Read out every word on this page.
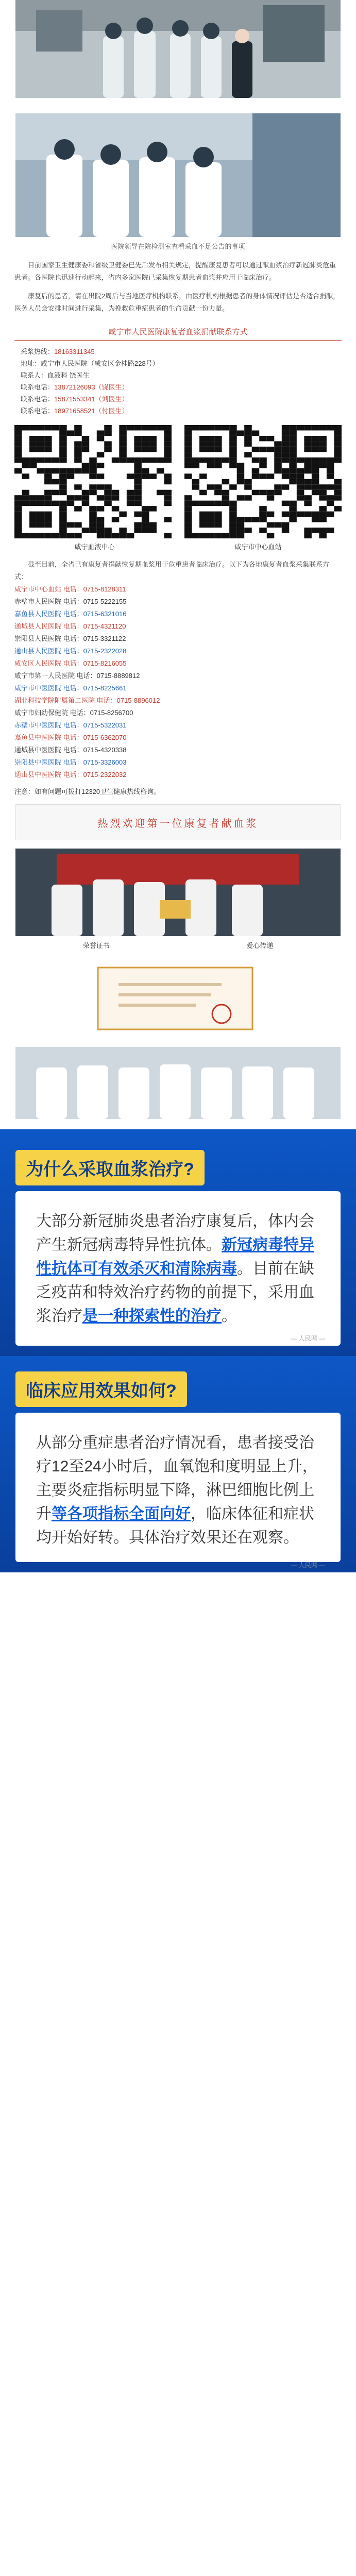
医院领导在院检测室查看采血不足公告的事项

目前国家卫生健康委和省级卫健委已先后发布相关规定，提醒康复患者可以通过献血浆治疗新冠肺炎危重患者。各医院也迅速行动起来，省内多家医院已采集恢复期患者血浆并应用于临床治疗。

康复后的患者，请在出院2周后与当地医疗机构联系，由医疗机构根据患者的身体情况评估是否适合捐献，医务人员会安排时间进行采集，为挽救危重症患者的生命贡献一份力量。

咸宁市人民医院康复者血浆捐献联系方式
采浆热线：18163311345
地址：咸宁市人民医院（咸安区金桂路228号）
联系人：血液科 饶医生
联系电话：13872126093（饶医生）
联系电话：15871553341（刘医生）
联系电话：18971658521（付医生）
咸宁血液中心	咸宁市中心血站

截至目前，全省已有康复者捐献恢复期血浆用于危重患者临床治疗。以下为各地康复者血浆采集联系方式：

咸宁市中心血站 电话：0715-8128311
赤壁市人民医院 电话：0715-5222155
嘉鱼县人民医院 电话：0715-6321016
通城县人民医院 电话：0715-4321120
崇阳县人民医院 电话：0715-3321122
通山县人民医院 电话：0715-2322028
咸安区人民医院 电话：0715-8216055
咸宁市第一人民医院 电话：0715-8889812
咸宁市中医医院 电话：0715-8225661
湖北科技学院附属第二医院 电话：0715-8896012
咸宁市妇幼保健院 电话：0715-8256700
赤壁市中医医院 电话：0715-5322031
嘉鱼县中医医院 电话：0715-6362070
通城县中医医院 电话：0715-4320338
崇阳县中医医院 电话：0715-3326003
通山县中医医院 电话：0715-2322032
注意：如有问题可拨打12320卫生健康热线咨询。
热烈欢迎第一位康复者献血浆
荣誉证书	爱心传递
为什么采取血浆治疗?
大部分新冠肺炎患者治疗康复后，体内会产生新冠病毒特异性抗体。新冠病毒特异性抗体可有效杀灭和清除病毒。目前在缺乏疫苗和特效治疗药物的前提下，采用血浆治疗是一种探索性的治疗。
— 人民网 —
临床应用效果如何?
从部分重症患者治疗情况看，患者接受治疗12至24小时后，血氧饱和度明显上升，主要炎症指标明显下降，淋巴细胞比例上升等各项指标全面向好，临床体征和症状均开始好转。具体治疗效果还在观察。
— 人民网 —
